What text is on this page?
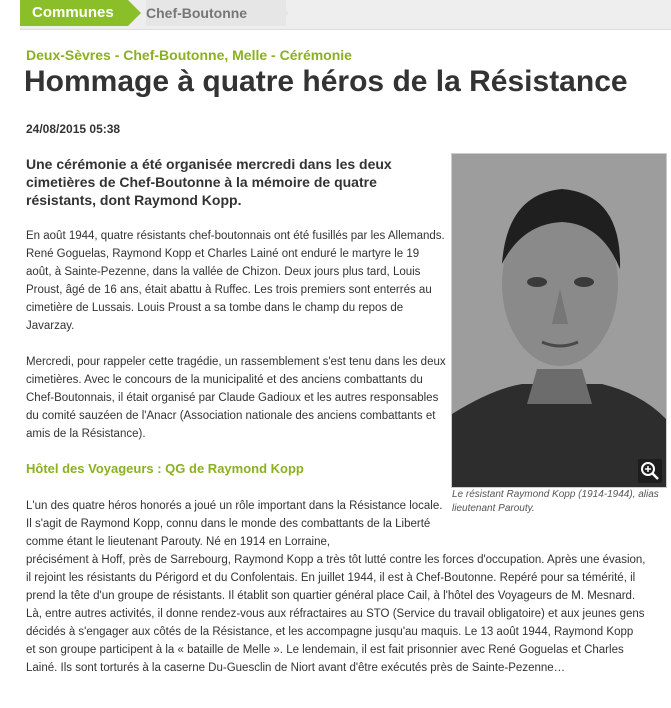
Communes	Chef-Boutonne
Deux-Sèvres - Chef-Boutonne, Melle - Cérémonie
Hommage à quatre héros de la Résistance
24/08/2015 05:38

Une cérémonie a été organisée mercredi dans les deux cimetières de Chef-Boutonne à la mémoire de quatre résistants, dont Raymond Kopp.

Le résistant Raymond Kopp (1914-1944), alias lieutenant Parouty.

En août 1944, quatre résistants chef-boutonnais ont été fusillés par les Allemands. René Goguelas, Raymond Kopp et Charles Lainé ont enduré le martyre le 19 août, à Sainte-Pezenne, dans la vallée de Chizon. Deux jours plus tard, Louis Proust, âgé de 16 ans, était abattu à Ruffec. Les trois premiers sont enterrés au cimetière de Lussais. Louis Proust a sa tombe dans le champ du repos de Javarzay.

Mercredi, pour rappeler cette tragédie, un rassemblement s'est tenu dans les deux cimetières. Avec le concours de la municipalité et des anciens combattants du Chef-Boutonnais, il était organisé par Claude Gadioux et les autres responsables du comité sauzéen de l'Anacr (Association nationale des anciens combattants et amis de la Résistance).

Hôtel des Voyageurs : QG de Raymond Kopp

L'un des quatre héros honorés a joué un rôle important dans la Résistance locale. Il s'agit de Raymond Kopp, connu dans le monde des combattants de la Liberté comme étant le lieutenant Parouty. Né en 1914 en Lorraine,

précisément à Hoff, près de Sarrebourg, Raymond Kopp a très tôt lutté contre les forces d'occupation. Après une évasion, il rejoint les résistants du Périgord et du Confolentais. En juillet 1944, il est à Chef-Boutonne. Repéré pour sa témérité, il prend la tête d'un groupe de résistants. Il établit son quartier général place Cail, à l'hôtel des Voyageurs de M. Mesnard. Là, entre autres activités, il donne rendez-vous aux réfractaires au STO (Service du travail obligatoire) et aux jeunes gens décidés à s'engager aux côtés de la Résistance, et les accompagne jusqu'au maquis. Le 13 août 1944, Raymond Kopp et son groupe participent à la « bataille de Melle ». Le lendemain, il est fait prisonnier avec René Goguelas et Charles Lainé. Ils sont torturés à la caserne Du-Guesclin de Niort avant d'être exécutés près de Sainte-Pezenne…
